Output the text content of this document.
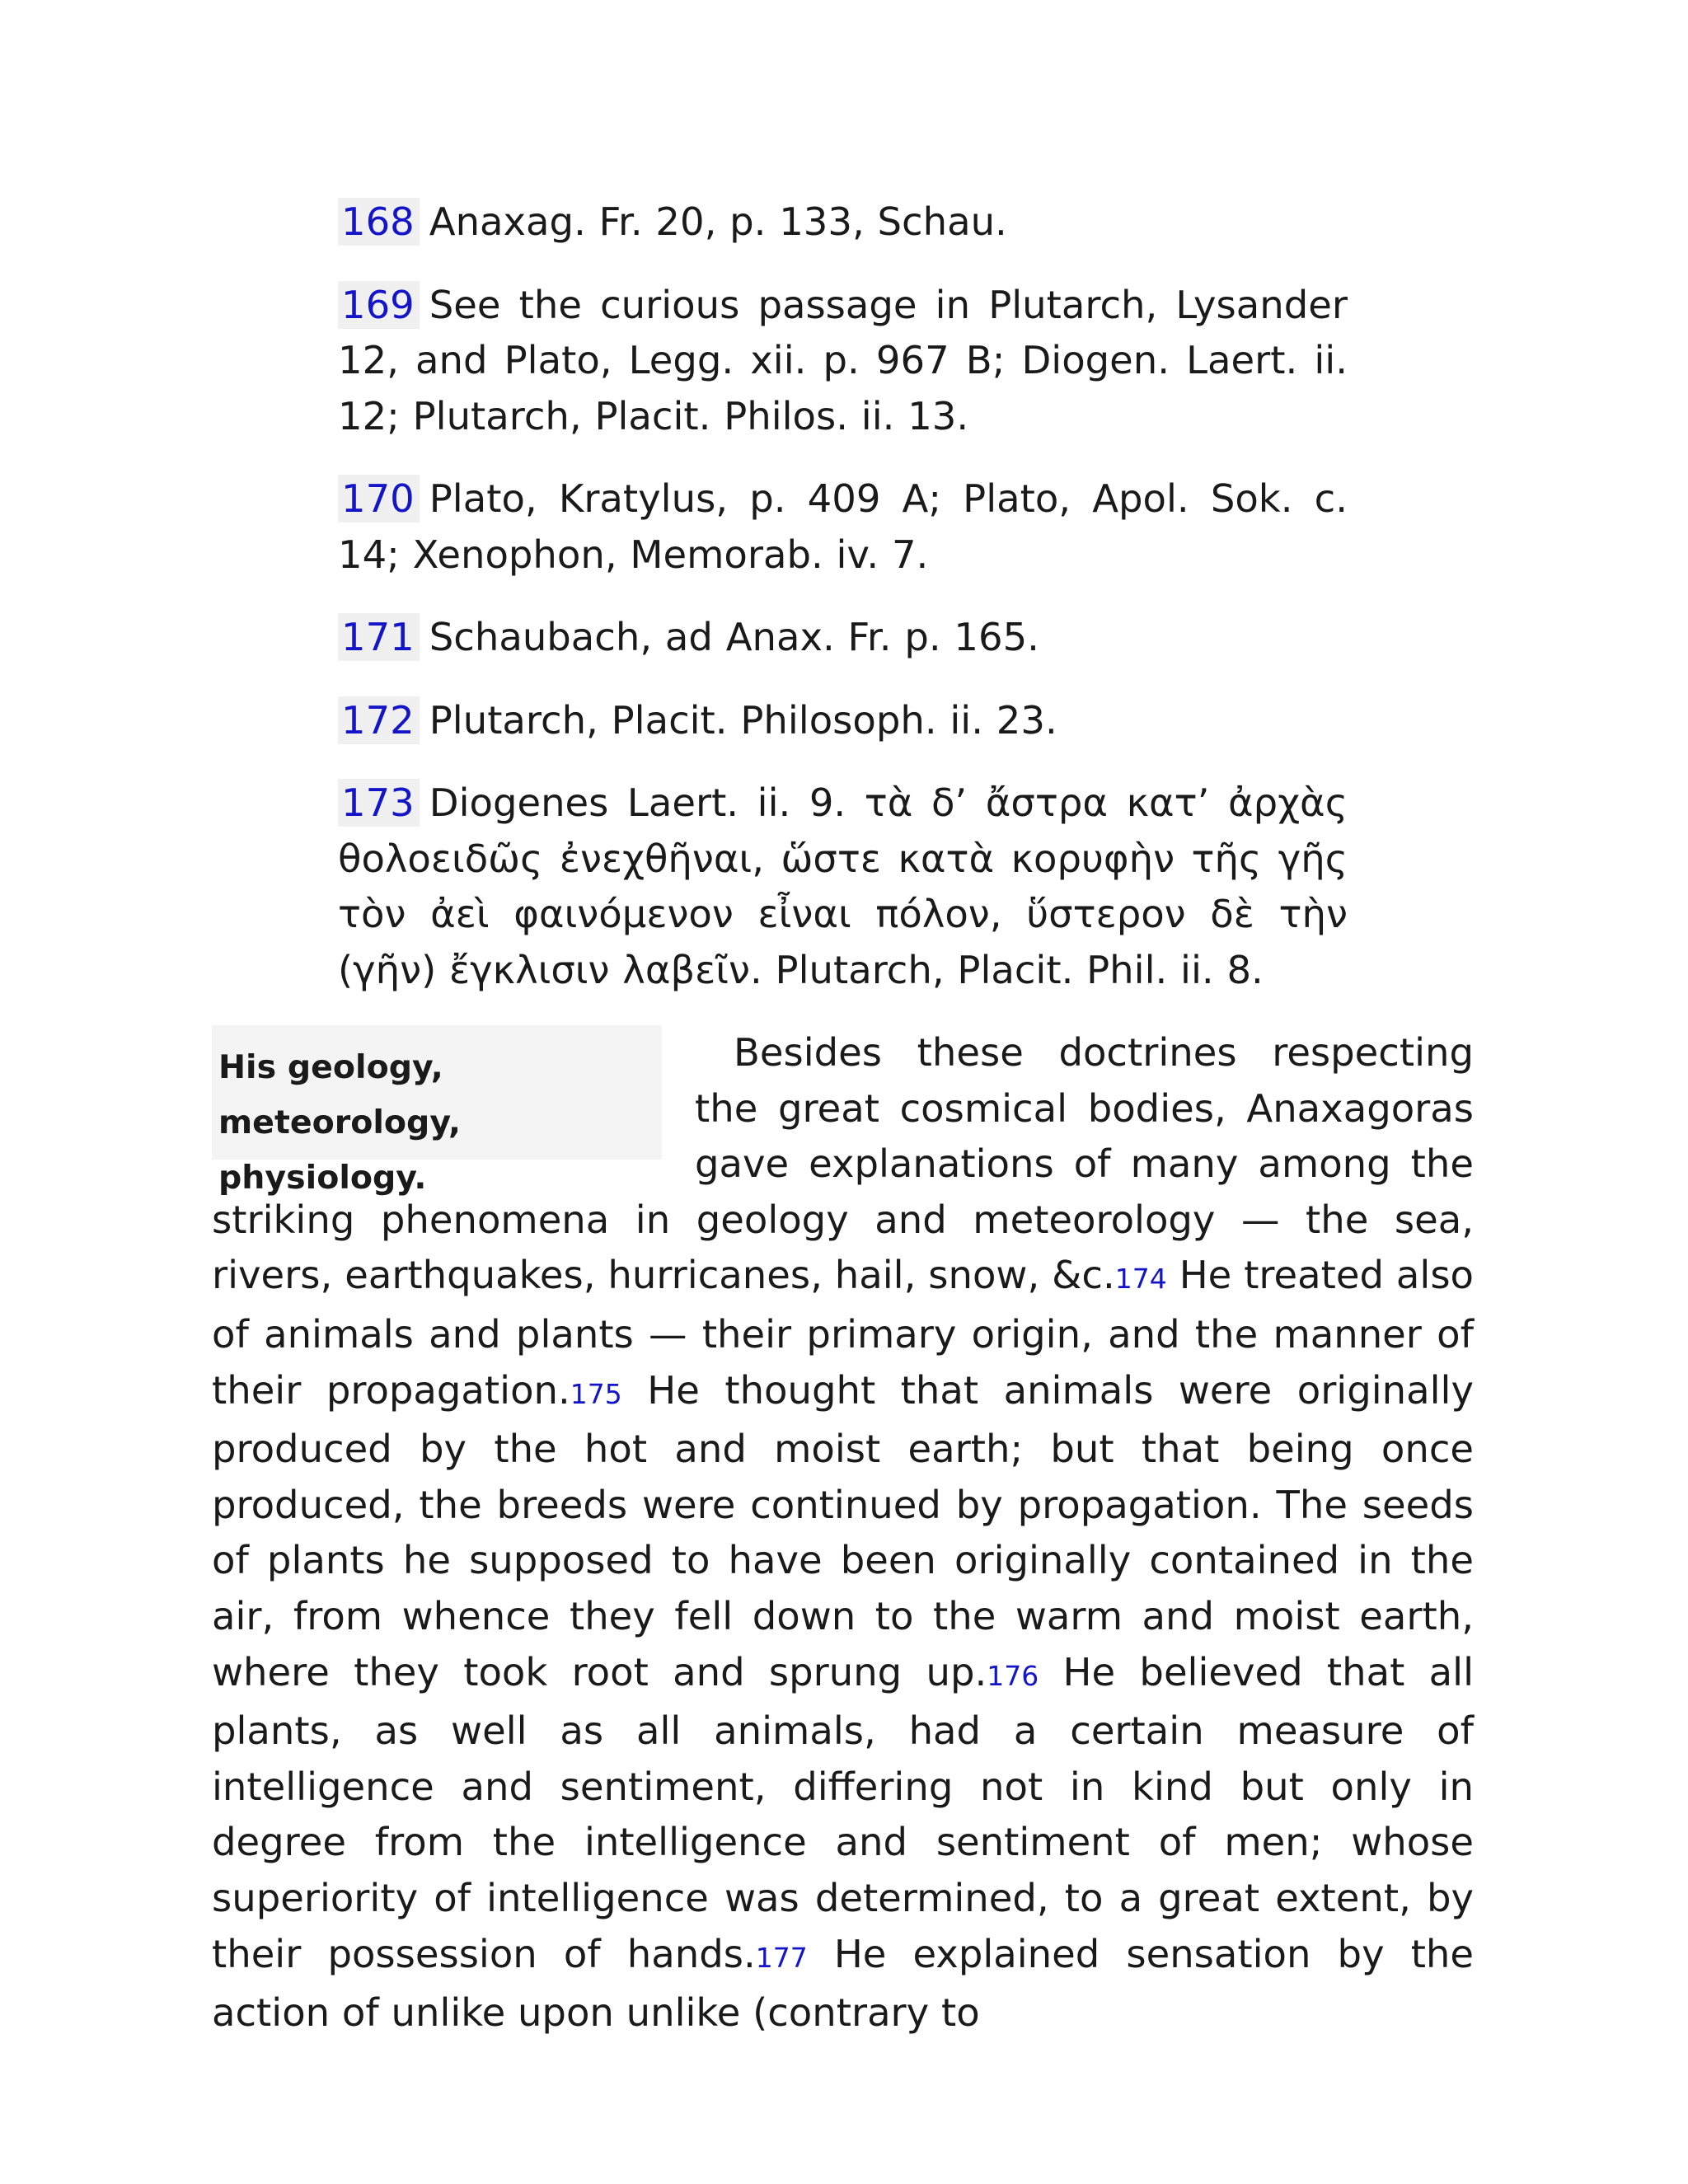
168 Anaxag. Fr. 20, p. 133, Schau.

169 See the curious passage in Plutarch, Lysander 12, and Plato, Legg. xii. p. 967 B; Diogen. Laert. ii. 12; Plutarch, Placit. Philos. ii. 13.

170 Plato, Kratylus, p. 409 A; Plato, Apol. Sok. c. 14; Xenophon, Memorab. iv. 7.

171 Schaubach, ad Anax. Fr. p. 165.

172 Plutarch, Placit. Philosoph. ii. 23.

173 Diogenes Laert. ii. 9. τὰ δ’ ἄστρα κατ’ ἀρχὰς θολοειδῶς ἐνεχθῆναι, ὥστε κατὰ κορυφὴν τῆς γῆς τὸν ἀεὶ φαινόμενον εἶναι πόλον, ὕστερον δὲ τὴν (γῆν) ἔγκλισιν λαβεῖν. Plutarch, Placit. Phil. ii. 8.

His geology, meteorology, physiology.

Besides these doctrines respecting the great cosmical bodies, Anaxagoras gave explanations of many among the striking phenomena in geology and meteorology — the sea, rivers, earthquakes, hurricanes, hail, snow, &c.174 He treated also of animals and plants — their primary origin, and the manner of their propagation.175 He thought that animals were originally produced by the hot and moist earth; but that being once produced, the breeds were continued by propagation. The seeds of plants he supposed to have been originally contained in the air, from whence they fell down to the warm and moist earth, where they took root and sprung up.176 He believed that all plants, as well as all animals, had a certain measure of intelligence and sentiment, differing not in kind but only in degree from the intelligence and sentiment of men; whose superiority of intelligence was determined, to a great extent, by their possession of hands.177 He explained sensation by the action of unlike upon unlike (contrary to
